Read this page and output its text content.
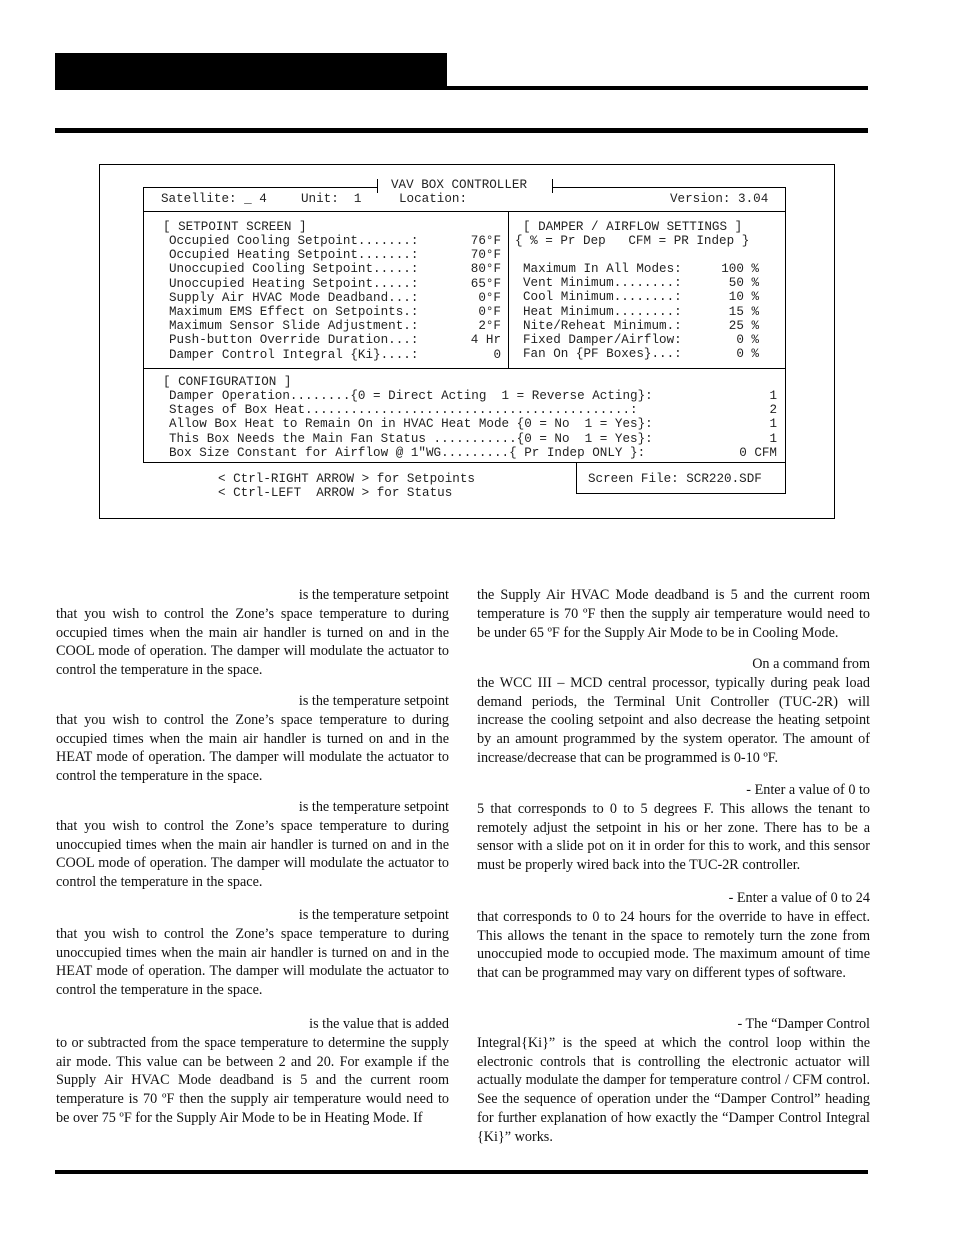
VAV BOX CONTROLLER
Satellite: _ 4	Unit:  1	Location:	Version: 3.04
[ SETPOINT SCREEN ]
Occupied Cooling Setpoint.......:	76°F
Occupied Heating Setpoint.......:	70°F
Unoccupied Cooling Setpoint.....:	80°F
Unoccupied Heating Setpoint.....:	65°F
Supply Air HVAC Mode Deadband...:	0°F
Maximum EMS Effect on Setpoints.:	0°F
Maximum Sensor Slide Adjustment.:	2°F
Push-button Override Duration...:	4 Hr
Damper Control Integral {Ki}....:	0
[ DAMPER / AIRFLOW SETTINGS ]
{ % = Pr Dep   CFM = PR Indep }
Maximum In All Modes:	100 %
Vent Minimum........:	50 %
Cool Minimum........:	10 %
Heat Minimum........:	15 %
Nite/Reheat Minimum.:	25 %
Fixed Damper/Airflow:	0 %
Fan On {PF Boxes}...:	0 %
[ CONFIGURATION ]
Damper Operation........{0 = Direct Acting  1 = Reverse Acting}:	1
Stages of Box Heat...........................................:	2
Allow Box Heat to Remain On in HVAC Heat Mode {0 = No  1 = Yes}:	1
This Box Needs the Main Fan Status ...........{0 = No  1 = Yes}:	1
Box Size Constant for Airflow @ 1"WG.........{ Pr Indep ONLY }:	0 CFM
< Ctrl-RIGHT ARROW > for Setpoints
< Ctrl-LEFT  ARROW > for Status
Screen File: SCR220.SDF
is the temperature setpoint
that you wish to control the Zone’s space temperature to during occupied times when the main air handler is turned on and in the COOL mode of operation. The damper will modulate the actuator to control the temperature in the space.
is the temperature setpoint
that you wish to control the Zone’s space temperature to during occupied times when the main air handler is turned on and in the HEAT mode of operation. The damper will modulate the actuator to control the temperature in the space.
is the temperature setpoint
that you wish to control the Zone’s space temperature to during unoccupied times when the main air handler is turned on and in the COOL mode of operation. The damper will modulate the actuator to control the temperature in the space.
is the temperature setpoint
that you wish to control the Zone’s space temperature to during unoccupied times when the main air handler is turned on and in the HEAT mode of operation. The damper will modulate the actuator to control the temperature in the space.
is the value that is added
to or subtracted from the space temperature to determine the supply air mode. This value can be between 2 and 20. For example if the Supply Air HVAC Mode deadband is 5 and the current room temperature is 70 ºF then the supply air temperature would need to be over 75 ºF for the Supply Air Mode to be in Heating Mode. If
the Supply Air HVAC Mode deadband is 5 and the current room temperature is 70 ºF then the supply air temperature would need to be under 65 ºF for the Supply Air Mode to be in Cooling Mode.
On a command from
the WCC III – MCD central processor, typically during peak load demand periods, the Terminal Unit Controller (TUC-2R) will increase the cooling setpoint and also decrease the heating setpoint by an amount programmed by the system operator. The amount of increase/decrease that can be programmed is 0-10 ºF.
- Enter a value of 0 to
5 that corresponds to 0 to 5 degrees F. This allows the tenant to remotely adjust the setpoint in his or her zone. There has to be a sensor with a slide pot on it in order for this to work, and this sensor must be properly wired back into the TUC-2R controller.
- Enter a value of 0 to 24
that corresponds to 0 to 24 hours for the override to have in effect. This allows the tenant in the space to remotely turn the zone from unoccupied mode to occupied mode. The maximum amount of time that can be programmed may vary on different types of software.
- The “Damper Control
Integral{Ki}” is the speed at which the control loop within the electronic controls that is controlling the electronic actuator will actually modulate the damper for temperature control / CFM control. See the sequence of operation under the “Damper Control” heading for further explanation of how exactly the “Damper Control Integral {Ki}” works.
